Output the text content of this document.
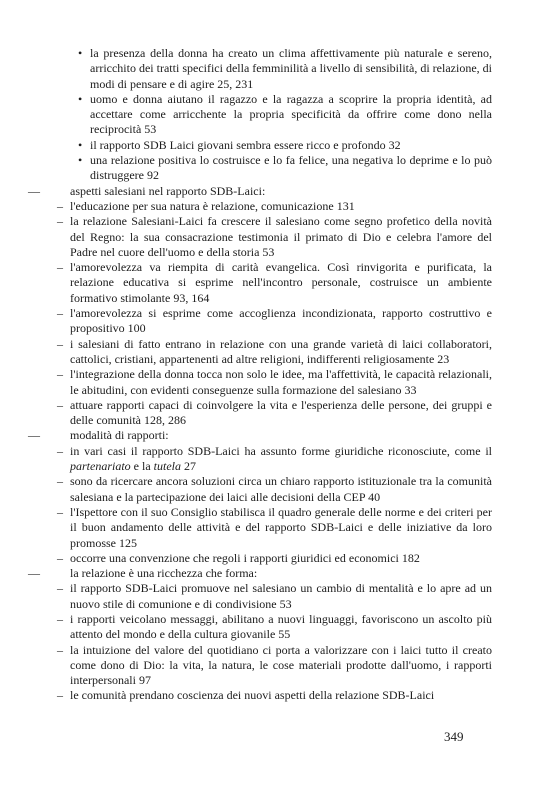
• la presenza della donna ha creato un clima affettivamente più naturale e sereno, arricchito dei tratti specifici della femminilità a livello di sensibilità, di relazione, di modi di pensare e di agire 25, 231
• uomo e donna aiutano il ragazzo e la ragazza a scoprire la propria identità, ad accettare come arricchente la propria specificità da offrire come dono nella reciprocità 53
• il rapporto SDB Laici giovani sembra essere ricco e profondo 32
• una relazione positiva lo costruisce e lo fa felice, una negativa lo deprime e lo può distruggere 92
—	aspetti salesiani nel rapporto SDB-Laici:
– l'educazione per sua natura è relazione, comunicazione 131
– la relazione Salesiani-Laici fa crescere il salesiano come segno profetico della novità del Regno: la sua consacrazione testimonia il primato di Dio e celebra l'amore del Padre nel cuore dell'uomo e della storia 53
– l'amorevolezza va riempita di carità evangelica. Così rinvigorita e purificata, la relazione educativa si esprime nell'incontro personale, costruisce un ambiente formativo stimolante 93, 164
– l'amorevolezza si esprime come accoglienza incondizionata, rapporto costruttivo e propositivo 100
– i salesiani di fatto entrano in relazione con una grande varietà di laici collaboratori, cattolici, cristiani, appartenenti ad altre religioni, indifferenti religiosamente 23
– l'integrazione della donna tocca non solo le idee, ma l'affettività, le capacità relazionali, le abitudini, con evidenti conseguenze sulla formazione del salesiano 33
– attuare rapporti capaci di coinvolgere la vita e l'esperienza delle persone, dei gruppi e delle comunità 128, 286
—	modalità di rapporti:
– in vari casi il rapporto SDB-Laici ha assunto forme giuridiche riconosciute, come il partenariato e la tutela 27
– sono da ricercare ancora soluzioni circa un chiaro rapporto istituzionale tra la comunità salesiana e la partecipazione dei laici alle decisioni della CEP 40
– l'Ispettore con il suo Consiglio stabilisca il quadro generale delle norme e dei criteri per il buon andamento delle attività e del rapporto SDB-Laici e delle iniziative da loro promosse 125
– occorre una convenzione che regoli i rapporti giuridici ed economici 182
—	la relazione è una ricchezza che forma:
– il rapporto SDB-Laici promuove nel salesiano un cambio di mentalità e lo apre ad un nuovo stile di comunione e di condivisione 53
– i rapporti veicolano messaggi, abilitano a nuovi linguaggi, favoriscono un ascolto più attento del mondo e della cultura giovanile 55
– la intuizione del valore del quotidiano ci porta a valorizzare con i laici tutto il creato come dono di Dio: la vita, la natura, le cose materiali prodotte dall'uomo, i rapporti interpersonali 97
– le comunità prendano coscienza dei nuovi aspetti della relazione SDB-Laici
349
